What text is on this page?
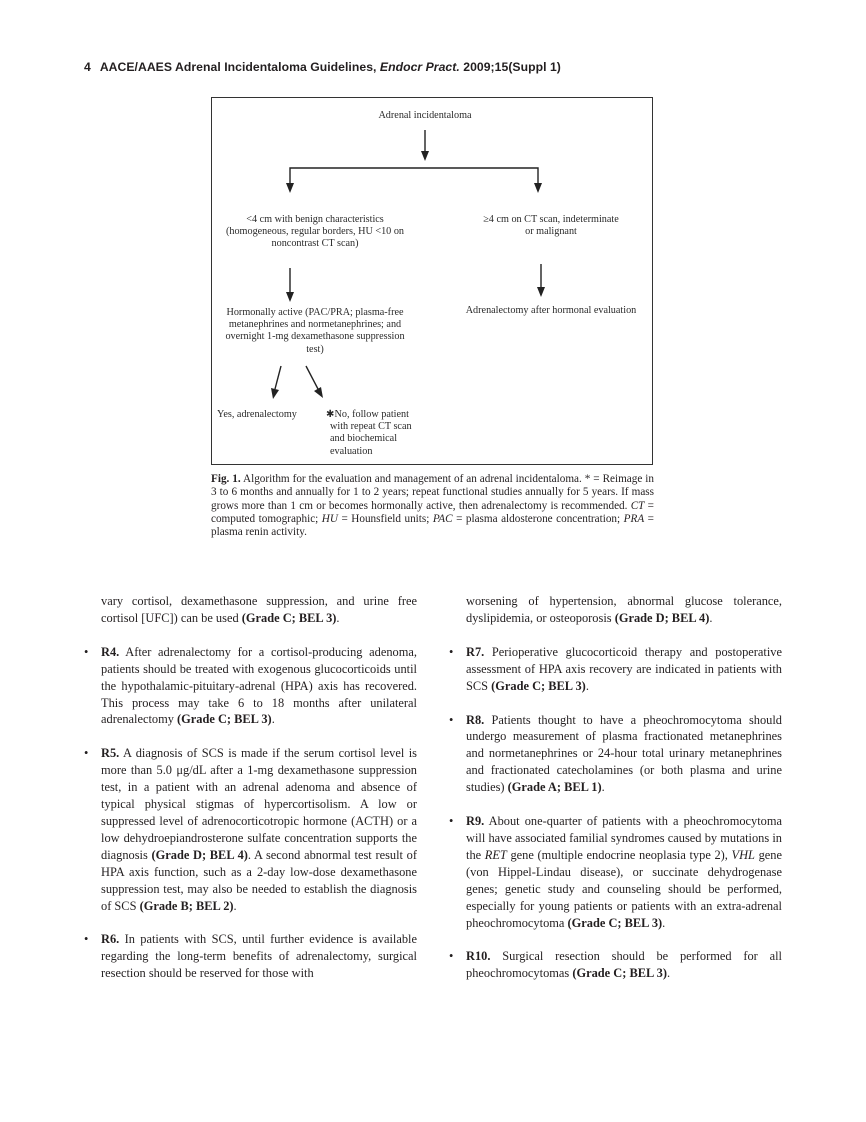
4 AACE/AAES Adrenal Incidentaloma Guidelines, Endocr Pract. 2009;15(Suppl 1)
Adrenal incidentaloma
<4 cm with benign characteristics
(homogeneous, regular borders, HU <10 on
noncontrast CT scan)
≥4 cm on CT scan, indeterminate
or malignant
Hormonally active (PAC/PRA; plasma-free
metanephrines and normetanephrines; and
overnight 1-mg dexamethasone suppression
test)
Adrenalectomy after hormonal evaluation
Yes, adrenalectomy	✱No, follow patient
with repeat CT scan
and biochemical
evaluation
Fig. 1. Algorithm for the evaluation and management of an adrenal incidentaloma. * = Reimage in 3 to 6 months and annually for 1 to 2 years; repeat functional studies annually for 5 years. If mass grows more than 1 cm or becomes hormonally active, then adrenalectomy is recommended. CT = computed tomographic; HU = Hounsfield units; PAC = plasma aldosterone concentration; PRA = plasma renin activity.

vary cortisol, dexamethasone suppression, and urine free cortisol [UFC]) can be used (Grade C; BEL 3).

• R4. After adrenalectomy for a cortisol-producing adenoma, patients should be treated with exogenous glucocorticoids until the hypothalamic-pituitary-adrenal (HPA) axis has recovered. This process may take 6 to 18 months after unilateral adrenalectomy (Grade C; BEL 3).

• R5. A diagnosis of SCS is made if the serum cortisol level is more than 5.0 μg/dL after a 1-mg dexamethasone suppression test, in a patient with an adrenal adenoma and absence of typical physical stigmas of hypercortisolism. A low or suppressed level of adrenocorticotropic hormone (ACTH) or a low dehydroepiandrosterone sulfate concentration supports the diagnosis (Grade D; BEL 4). A second abnormal test result of HPA axis function, such as a 2-day low-dose dexamethasone suppression test, may also be needed to establish the diagnosis of SCS (Grade B; BEL 2).

• R6. In patients with SCS, until further evidence is available regarding the long-term benefits of adrenalectomy, surgical resection should be reserved for those with

worsening of hypertension, abnormal glucose tolerance, dyslipidemia, or osteoporosis (Grade D; BEL 4).

• R7. Perioperative glucocorticoid therapy and postoperative assessment of HPA axis recovery are indicated in patients with SCS (Grade C; BEL 3).

• R8. Patients thought to have a pheochromocytoma should undergo measurement of plasma fractionated metanephrines and normetanephrines or 24-hour total urinary metanephrines and fractionated catecholamines (or both plasma and urine studies) (Grade A; BEL 1).

• R9. About one-quarter of patients with a pheochromocytoma will have associated familial syndromes caused by mutations in the RET gene (multiple endocrine neoplasia type 2), VHL gene (von Hippel-Lindau disease), or succinate dehydrogenase genes; genetic study and counseling should be performed, especially for young patients or patients with an extra-adrenal pheochromocytoma (Grade C; BEL 3).

• R10. Surgical resection should be performed for all pheochromocytomas (Grade C; BEL 3).
